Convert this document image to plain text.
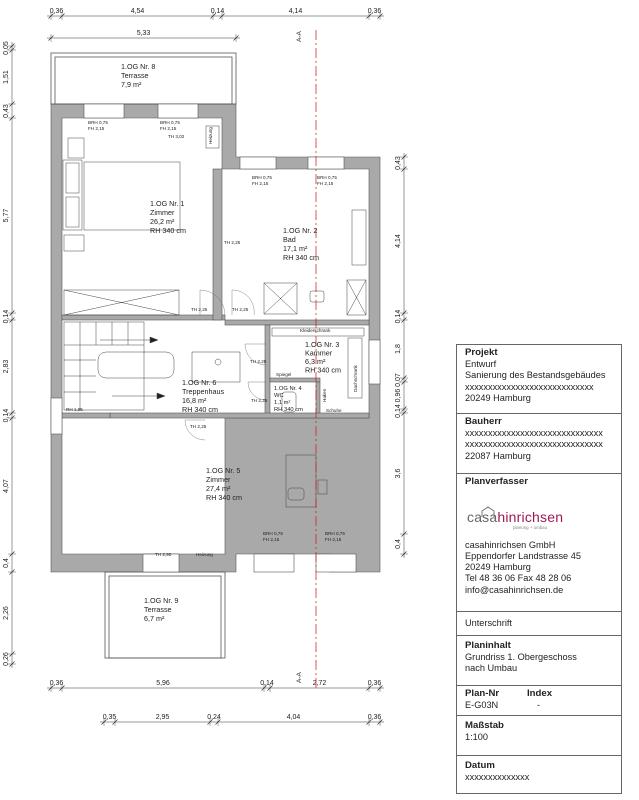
0,36	4,54	0,14	4,14	0,36
5,33
0,05
1,51
0,43
5,77
0,14
2,83
0,14
4,07
0,4
2,26
0,26
0,43
4,14
0,14
1,8
0,07
0,96
0,14
3,6
0,4
0,36	5,96	0,14	2,72	0,36
0,35	2,95	0,24	4,04	0,36
A-A
A-A
1.OG Nr. 8 Terrasse 7,9 m²
1.OG Nr. 1 Zimmer 26,2 m² RH 340 cm	1.OG Nr. 2 Bad 17,1 m² RH 340 cm
1.OG Nr. 3 Kammer 6,3 m² RH 340 cm
1.OG Nr. 4 WC 1,1 m² RH 340 cm
1.OG Nr. 6 Treppenhaus 16,8 m² RH 340 cm
1.OG Nr. 5 Zimmer 27,4 m² RH 340 cm
1.OG Nr. 9 Terrasse 6,7 m²
BRH 0,75
FH 2,15
BRH 0,75
FH 2,15
TH 3,02	Heizung
BRH 0,75
FH 2,15
BRH 0,75
FH 2,15
TH 2,25
TH 2,25	TH 2,25
TH 2,25
TH 2,25
TH 2,25
Kleiderschrank
Dachschrank
Spiegel
Schuhe
Haken
RH 1,95
BRH 0,75
FH 2,15
BRH 0,75
FH 2,15
TH 2,90	Heizung
Projekt
Entwurf
Sanierung des Bestandsgebäudes
xxxxxxxxxxxxxxxxxxxxxxxxxxxx
20249 Hamburg
Bauherr
xxxxxxxxxxxxxxxxxxxxxxxxxxxxxx
xxxxxxxxxxxxxxxxxxxxxxxxxxxxxx
22087 Hamburg
Planverfasser
casahinrichsen
planung + umbau
casahinrichsen GmbH
Eppendorfer Landstrasse 45
20249 Hamburg
Tel 48 36 06 Fax 48 28 06
info@casahinrichsen.de
Unterschrift
Planinhalt
Grundriss 1. Obergeschoss
nach Umbau
Plan-Nr	Index
E-G03N	-
Maßstab
1:100
Datum
xxxxxxxxxxxxxx
